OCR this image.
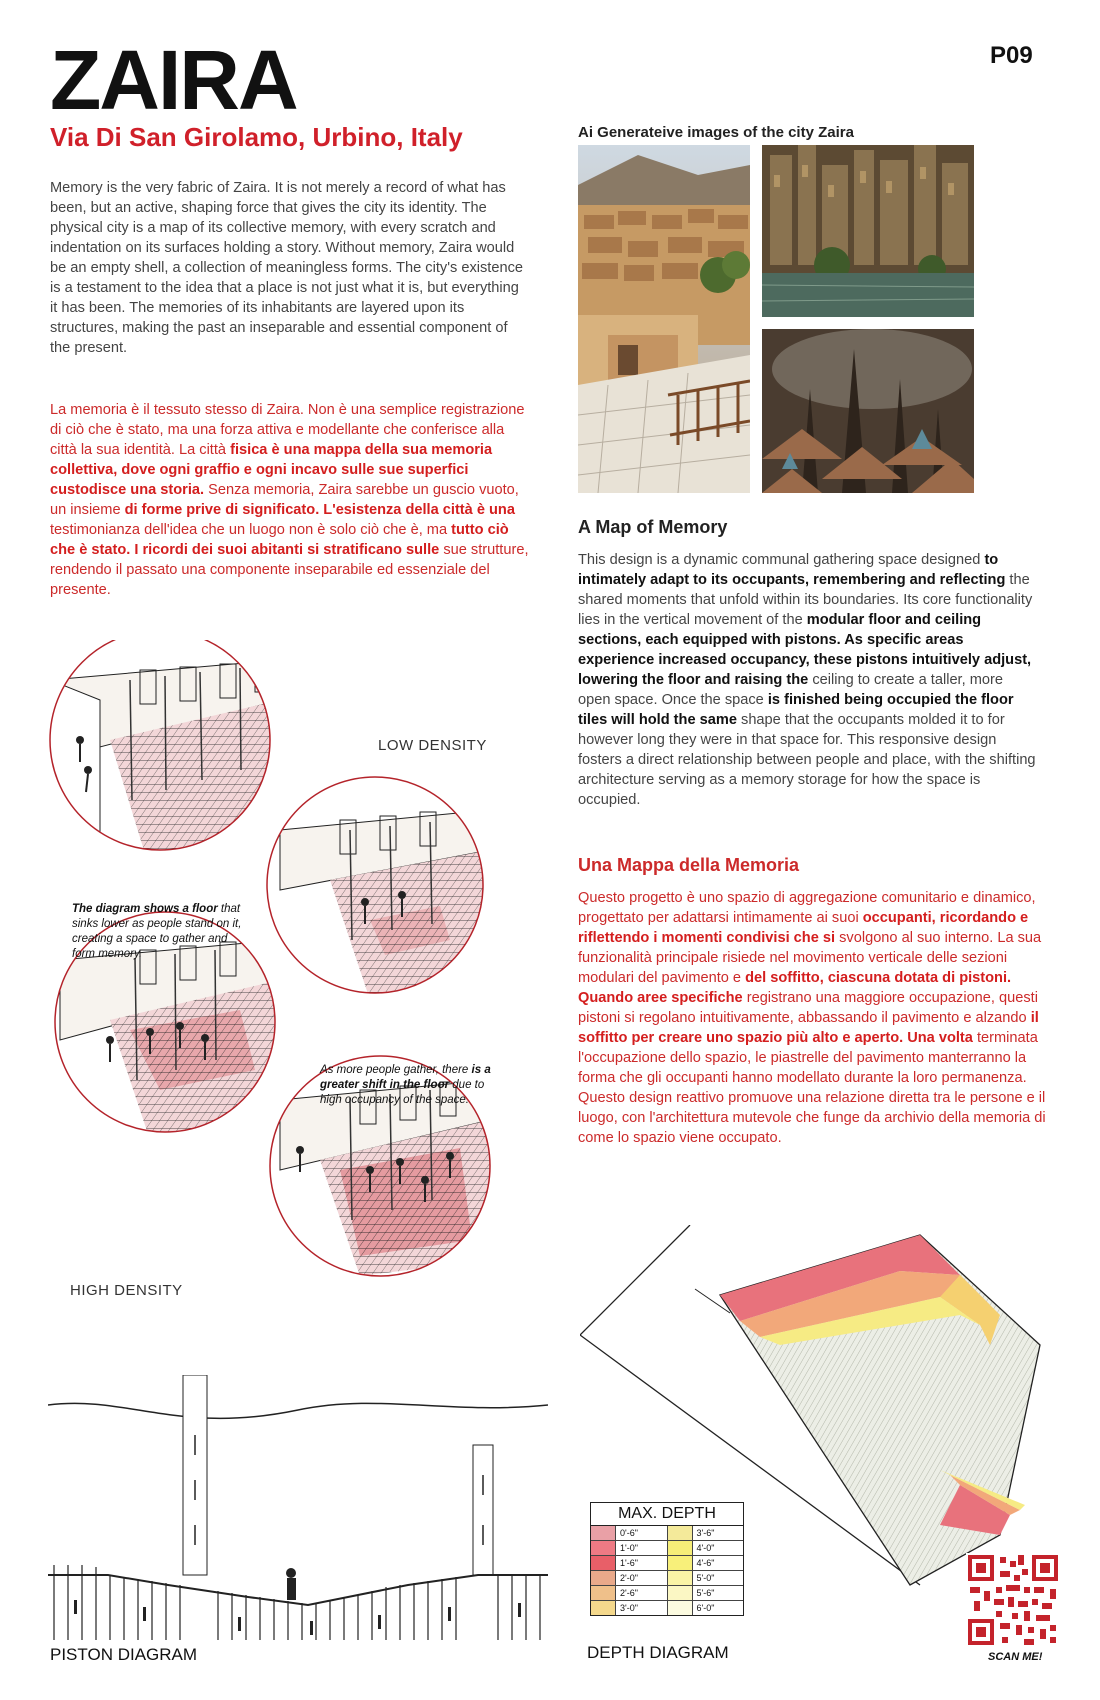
ZAIRA	P09
Via Di San Girolamo, Urbino, Italy
Memory is the very fabric of Zaira. It is not merely a record of what has been, but an active, shaping force that gives the city its identity. The physical city is a map of its collective memory, with every scratch and indentation on its surfaces holding a story. Without memory, Zaira would be an empty shell, a collection of meaningless forms. The city's existence is a testament to the idea that a place is not just what it is, but everything it has been. The memories of its inhabitants are layered upon its structures, making the past an inseparable and essential component of the present.
La memoria è il tessuto stesso di Zaira. Non è una semplice registrazione di ciò che è stato, ma una forza attiva e modellante che conferisce alla città la sua identità. La città fisica è una mappa della sua memoria collettiva, dove ogni graffio e ogni incavo sulle sue superfici custodisce una storia. Senza memoria, Zaira sarebbe un guscio vuoto, un insieme di forme prive di significato. L'esistenza della città è una testimonianza dell'idea che un luogo non è solo ciò che è, ma tutto ciò che è stato. I ricordi dei suoi abitanti si stratificano sulle sue strutture, rendendo il passato una componente inseparabile ed essenziale del presente.
Ai Generateive images of the city Zaira
A Map of Memory
This design is a dynamic communal gathering space designed to intimately adapt to its occupants, remembering and reflecting the shared moments that unfold within its boundaries. Its core functionality lies in the vertical movement of the modular floor and ceiling sections, each equipped with pistons. As specific areas experience increased occupancy, these pistons intuitively adjust, lowering the floor and raising the ceiling to create a taller, more open space. Once the space is finished being occupied the floor tiles will hold the same shape that the occupants molded it to for however long they were in that space for. This responsive design fosters a direct relationship between people and place, with the shifting architecture serving as a memory storage for how the space is occupied.
Una Mappa della Memoria
Questo progetto è uno spazio di aggregazione comunitario e dinamico, progettato per adattarsi intimamente ai suoi occupanti, ricordando e riflettendo i momenti condivisi che si svolgono al suo interno. La sua funzionalità principale risiede nel movimento verticale delle sezioni modulari del pavimento e del soffitto, ciascuna dotata di pistoni. Quando aree specifiche registrano una maggiore occupazione, questi pistoni si regolano intuitivamente, abbassando il pavimento e alzando il soffitto per creare uno spazio più alto e aperto. Una volta terminata l'occupazione dello spazio, le piastrelle del pavimento manterranno la forma che gli occupanti hanno modellato durante la loro permanenza. Questo design reattivo promuove una relazione diretta tra le persone e il luogo, con l'architettura mutevole che funge da archivio della memoria di come lo spazio viene occupato.
LOW DENSITY
HIGH DENSITY
The diagram shows a floor that sinks lower as people stand on it, creating a space to gather and form memory.
As more people gather, there is a greater shift in the floor due to high occupancy of the space.
PISTON DIAGRAM	DEPTH DIAGRAM
MAX. DEPTH
0'-6"	3'-6"
1'-0"	4'-0"
1'-6"	4'-6"
2'-0"	5'-0"
2'-6"	5'-6"
3'-0"	6'-0"
SCAN ME!
